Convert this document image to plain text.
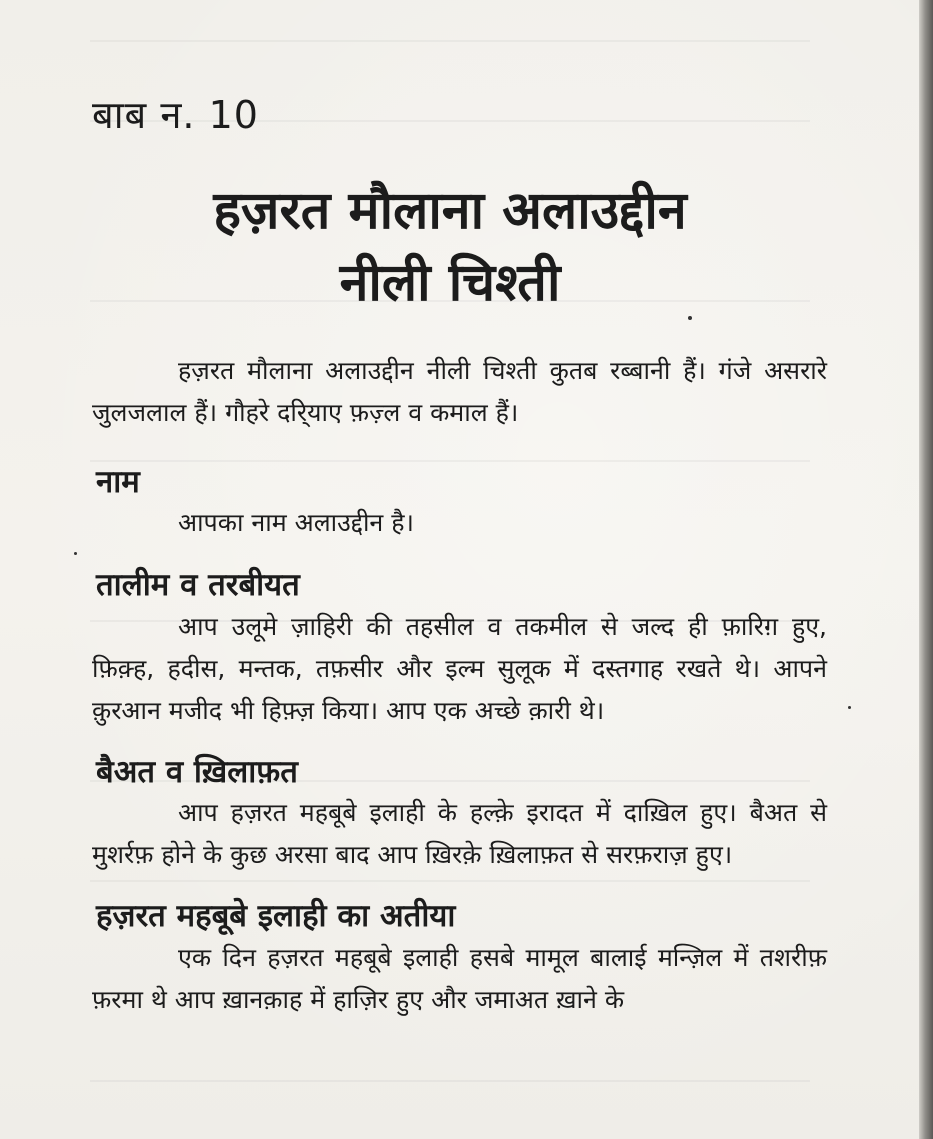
बाब न. 10
हज़रत मौलाना अलाउद्दीन
नीली चिश्ती

हज़रत मौलाना अलाउद्दीन नीली चिश्ती कुतब रब्बानी हैं। गंजे असरारे जुलजलाल हैं। गौहरे दरि्याए फ़ज़्ल व कमाल हैं।

नाम

आपका नाम अलाउद्दीन है।

तालीम व तरबीयत

आप उलूमे ज़ाहिरी की तहसील व तकमील से जल्द ही फ़ारिग़ हुए, फ़िक़्ह, हदीस, मन्तक, तफ़सीर और इल्म सुलूक में दस्तगाह रखते थे। आपने क़ुरआन मजीद भी हिफ़्ज़ किया। आप एक अच्छे क़ारी थे।

बैअत व ख़िलाफ़त

आप हज़रत महबूबे इलाही के हल्क़े इरादत में दाख़िल हुए। बैअत से मुशर्रफ़ होने के कुछ अरसा बाद आप ख़िरक़े ख़िलाफ़त से सरफ़राज़ हुए।

हज़रत महबूबे इलाही का अतीया

एक दिन हज़रत महबूबे इलाही हसबे मामूल बालाई मन्ज़िल में तशरीफ़ फ़रमा थे आप ख़ानक़ाह में हाज़िर हुए और जमाअत ख़ाने के
